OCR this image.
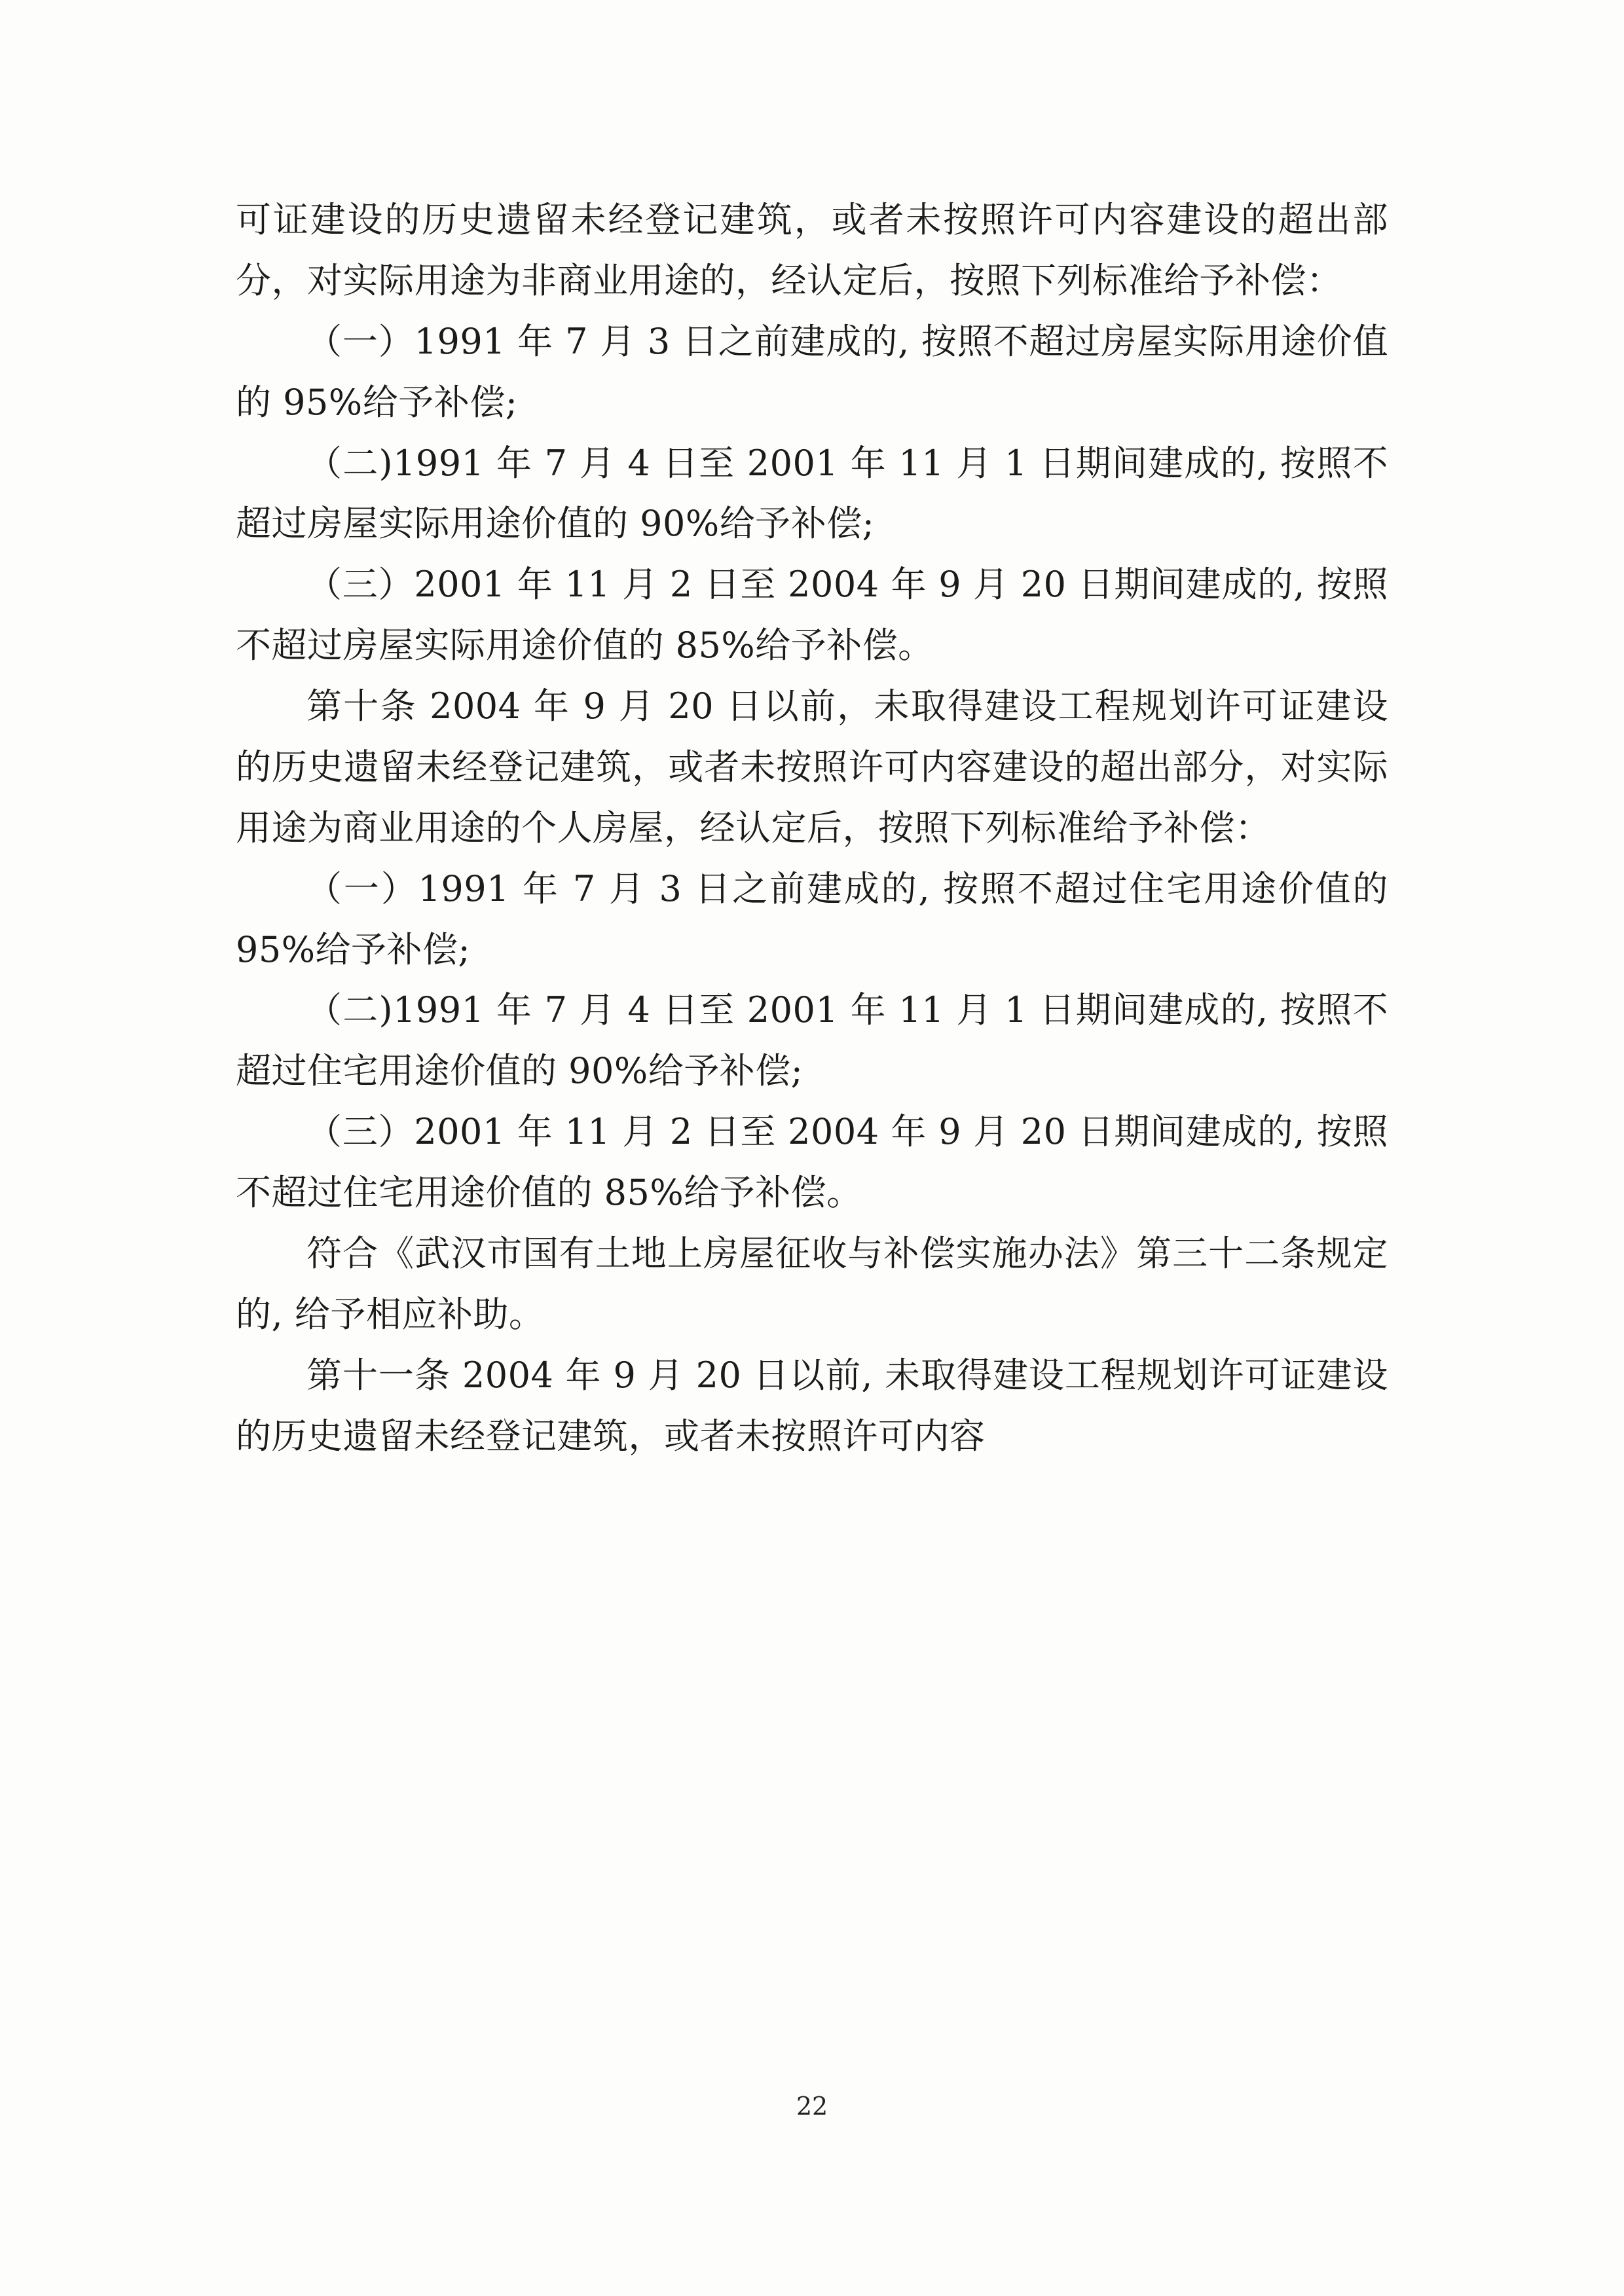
可证建设的历史遗留未经登记建筑，或者未按照许可内容建设的超出部分，对实际用途为非商业用途的，经认定后，按照下列标准给予补偿：

（一）1991 年 7 月 3 日之前建成的, 按照不超过房屋实际用途价值的 95%给予补偿;

（二)1991 年 7 月 4 日至 2001 年 11 月 1 日期间建成的, 按照不超过房屋实际用途价值的 90%给予补偿;

（三）2001 年 11 月 2 日至 2004 年 9 月 20 日期间建成的, 按照不超过房屋实际用途价值的 85%给予补偿。

第十条 2004 年 9 月 20 日以前，未取得建设工程规划许可证建设的历史遗留未经登记建筑，或者未按照许可内容建设的超出部分，对实际用途为商业用途的个人房屋，经认定后，按照下列标准给予补偿：

（一）1991 年 7 月 3 日之前建成的, 按照不超过住宅用途价值的 95%给予补偿;

（二)1991 年 7 月 4 日至 2001 年 11 月 1 日期间建成的, 按照不超过住宅用途价值的 90%给予补偿;

（三）2001 年 11 月 2 日至 2004 年 9 月 20 日期间建成的, 按照不超过住宅用途价值的 85%给予补偿。

符合《武汉市国有土地上房屋征收与补偿实施办法》第三十二条规定的, 给予相应补助。

第十一条 2004 年 9 月 20 日以前, 未取得建设工程规划许可证建设的历史遗留未经登记建筑，或者未按照许可内容

22
